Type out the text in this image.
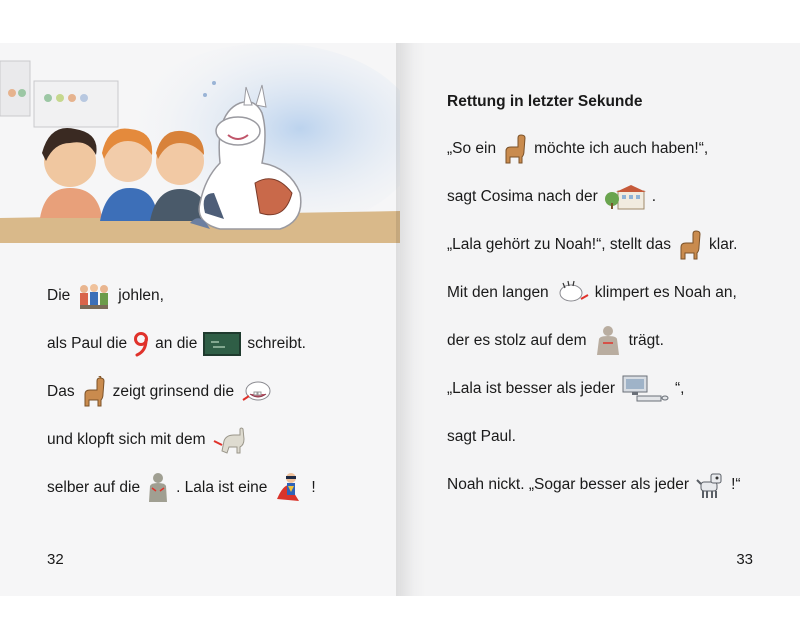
Die	johlen,
als Paul die an die	schreibt.
Das zeigt grinsend die
und klopft sich mit dem
selber auf die . Lala ist eine	!
32
Rettung in letzter Sekunde
„So ein möchte ich auch haben!“,
sagt Cosima nach der	.
„Lala gehört zu Noah!“, stellt das klar.
Mit den langen	klimpert es Noah an,
der es stolz auf dem	trägt.
„Lala ist besser als jeder	“,
sagt Paul.
Noah nickt. „Sogar besser als jeder	!“
33
